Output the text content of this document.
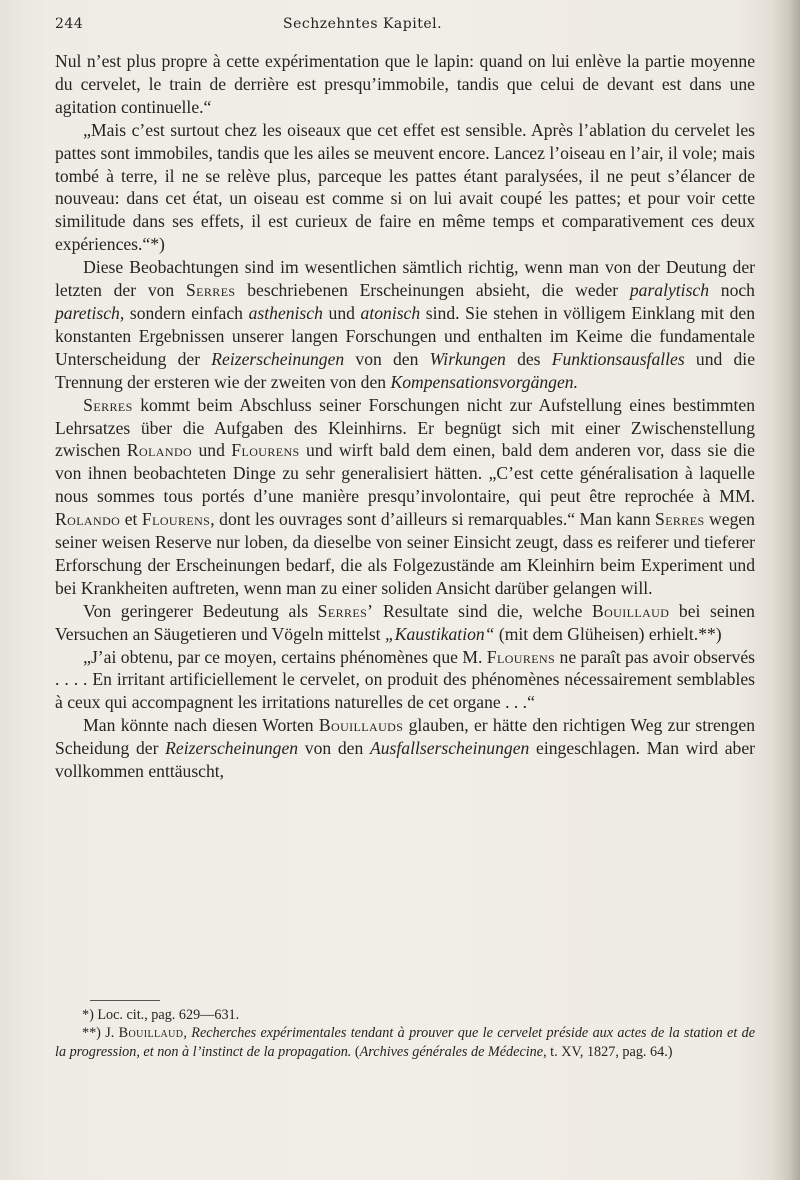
244	Sechzehntes Kapitel.

Nul n’est plus propre à cette expérimentation que le lapin: quand on lui enlève la partie moyenne du cervelet, le train de derrière est presqu’immobile, tandis que celui de devant est dans une agitation continuelle.“

„Mais c’est surtout chez les oiseaux que cet effet est sensible. Après l’ablation du cervelet les pattes sont immobiles, tandis que les ailes se meuvent encore. Lancez l’oiseau en l’air, il vole; mais tombé à terre, il ne se relève plus, parceque les pattes étant paralysées, il ne peut s’élancer de nouveau: dans cet état, un oiseau est comme si on lui avait coupé les pattes; et pour voir cette similitude dans ses effets, il est curieux de faire en même temps et comparativement ces deux expériences.“*)

Diese Beobachtungen sind im wesentlichen sämtlich richtig, wenn man von der Deutung der letzten der von Serres beschriebenen Erscheinungen absieht, die weder paralytisch noch paretisch, sondern einfach asthenisch und atonisch sind. Sie stehen in völligem Einklang mit den konstanten Ergebnissen unserer langen Forschungen und enthalten im Keime die fundamentale Unterscheidung der Reizerscheinungen von den Wirkungen des Funktionsausfalles und die Trennung der ersteren wie der zweiten von den Kompensationsvorgängen.

Serres kommt beim Abschluss seiner Forschungen nicht zur Aufstellung eines bestimmten Lehrsatzes über die Aufgaben des Kleinhirns. Er begnügt sich mit einer Zwischenstellung zwischen Rolando und Flourens und wirft bald dem einen, bald dem anderen vor, dass sie die von ihnen beobachteten Dinge zu sehr generalisiert hätten. „C’est cette généralisation à laquelle nous sommes tous portés d’une manière presqu’involontaire, qui peut être reprochée à MM. Rolando et Flourens, dont les ouvrages sont d’ailleurs si remarquables.“ Man kann Serres wegen seiner weisen Reserve nur loben, da dieselbe von seiner Einsicht zeugt, dass es reiferer und tieferer Erforschung der Erscheinungen bedarf, die als Folgezustände am Kleinhirn beim Experiment und bei Krankheiten auftreten, wenn man zu einer soliden Ansicht darüber gelangen will.

Von geringerer Bedeutung als Serres’ Resultate sind die, welche Bouillaud bei seinen Versuchen an Säugetieren und Vögeln mittelst „Kaustikation“ (mit dem Glüheisen) erhielt.**)

„J’ai obtenu, par ce moyen, certains phénomènes que M. Flourens ne paraît pas avoir observés . . . . En irritant artificiellement le cervelet, on produit des phénomènes nécessairement semblables à ceux qui accompagnent les irritations naturelles de cet organe . . .“

Man könnte nach diesen Worten Bouillauds glauben, er hätte den richtigen Weg zur strengen Scheidung der Reizerscheinungen von den Ausfallserscheinungen eingeschlagen. Man wird aber vollkommen enttäuscht,

*) Loc. cit., pag. 629—631.

**) J. Bouillaud, Recherches expérimentales tendant à prouver que le cervelet préside aux actes de la station et de la progression, et non à l’instinct de la propagation. (Archives générales de Médecine, t. XV, 1827, pag. 64.)
